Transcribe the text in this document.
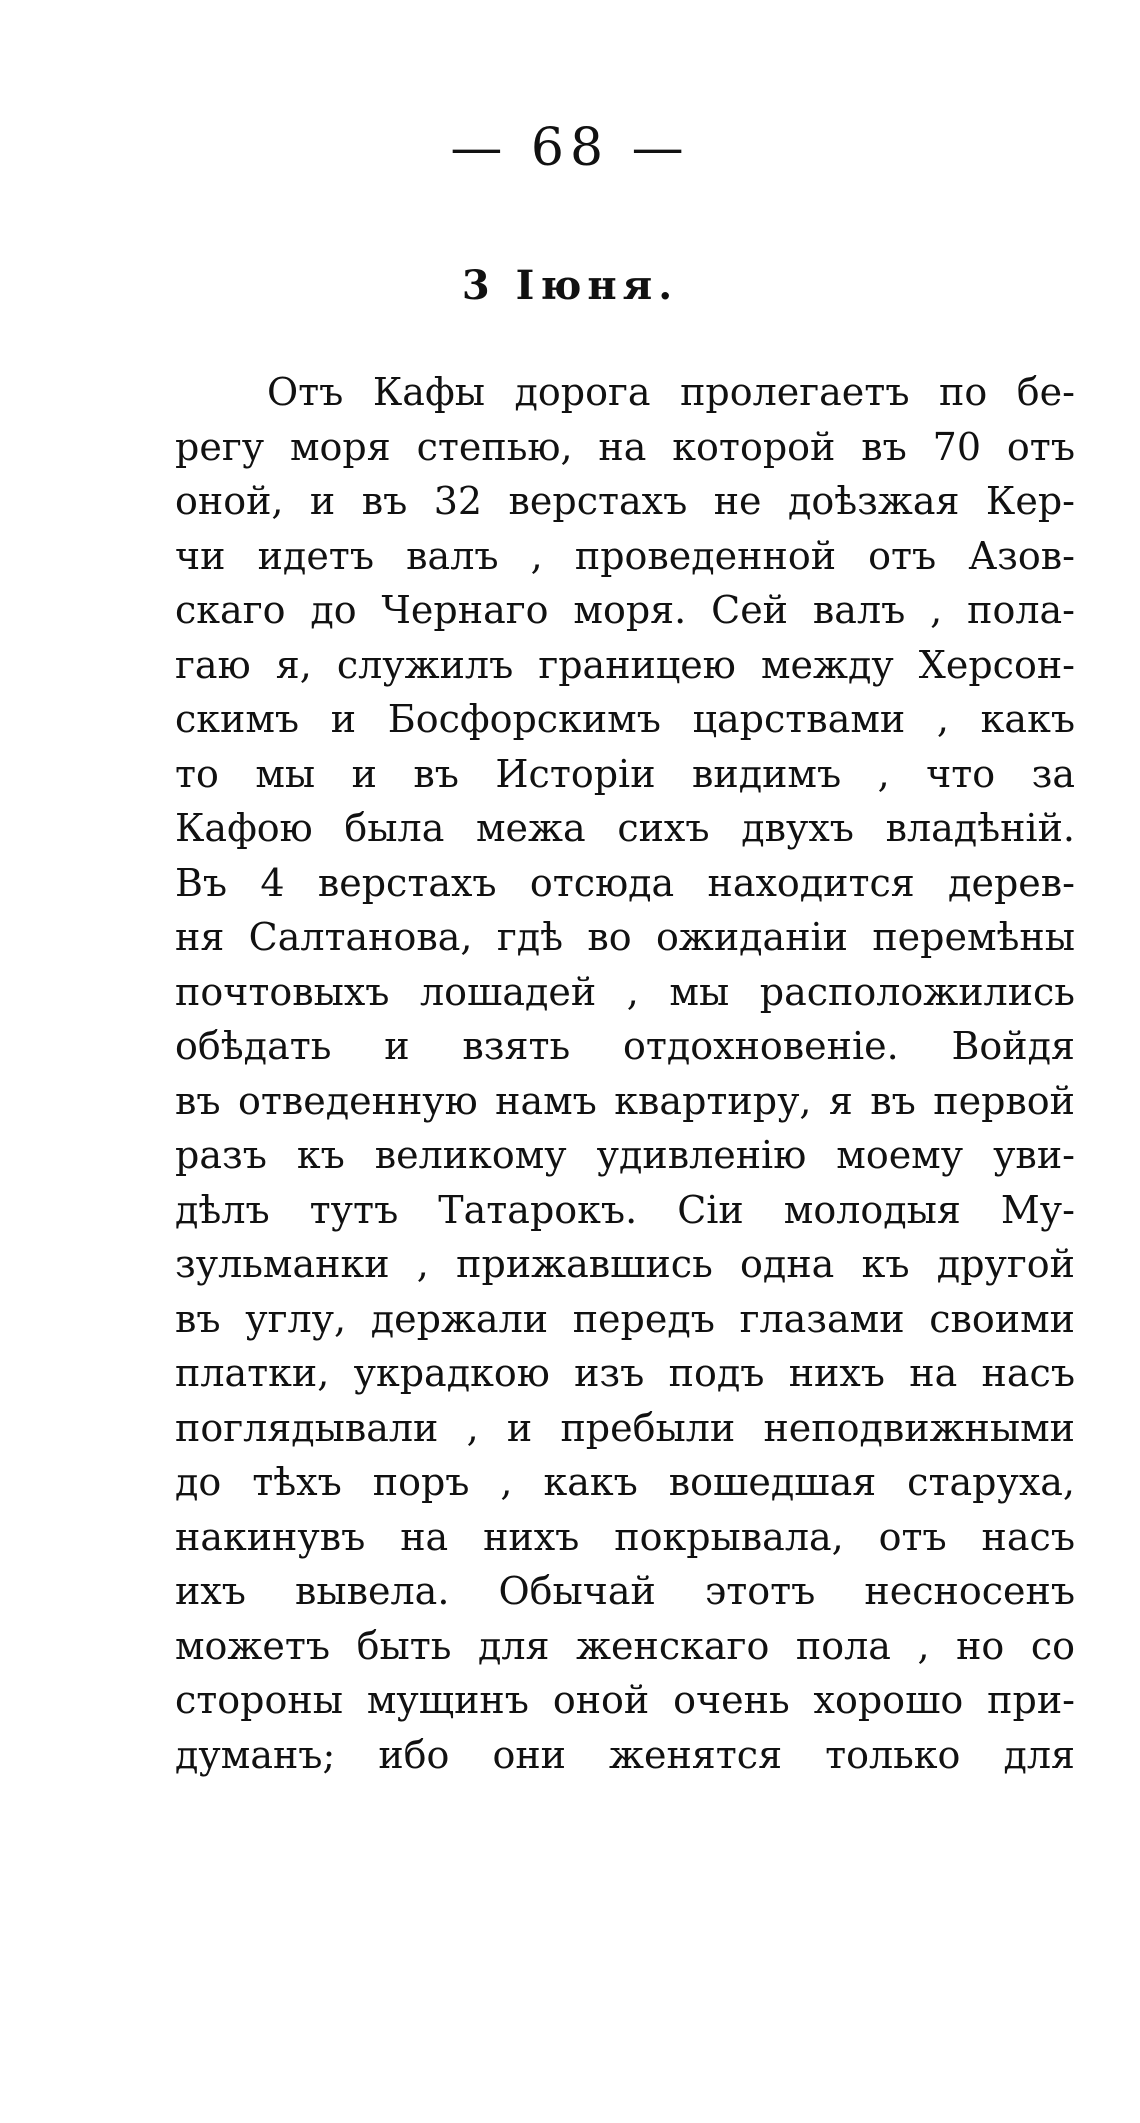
— 68 —
3 Іюня.
Отъ Кафы дорога пролегаетъ по бе-
регу моря степью, на которой въ 70 отъ
оной, и въ 32 верстахъ не доѣзжая Кер-
чи идетъ валъ , проведенной отъ Азов-
скаго до Чернаго моря. Сей валъ , пола-
гаю я, служилъ границею между Херсон-
скимъ и Босфорскимъ царствами , какъ
то мы и въ Исторіи видимъ , что за
Кафою была межа сихъ двухъ владѣній.
Въ 4 верстахъ отсюда находится дерев-
ня Салтанова, гдѣ во ожиданіи перемѣны
почтовыхъ лошадей , мы расположились
обѣдать и взять отдохновеніе. Войдя
въ отведенную намъ квартиру, я въ первой
разъ къ великому удивленію моему уви-
дѣлъ тутъ Татарокъ. Сіи молодыя Му-
зульманки , прижавшись одна къ другой
въ углу, держали передъ глазами своими
платки, украдкою изъ подъ нихъ на насъ
поглядывали , и пребыли неподвижными
до тѣхъ поръ , какъ вошедшая старуха,
накинувъ на нихъ покрывала, отъ насъ
ихъ вывела. Обычай этотъ несносенъ
можетъ быть для женскаго пола , но со
стороны мущинъ оной очень хорошо при-
думанъ; ибо они женятся только для
